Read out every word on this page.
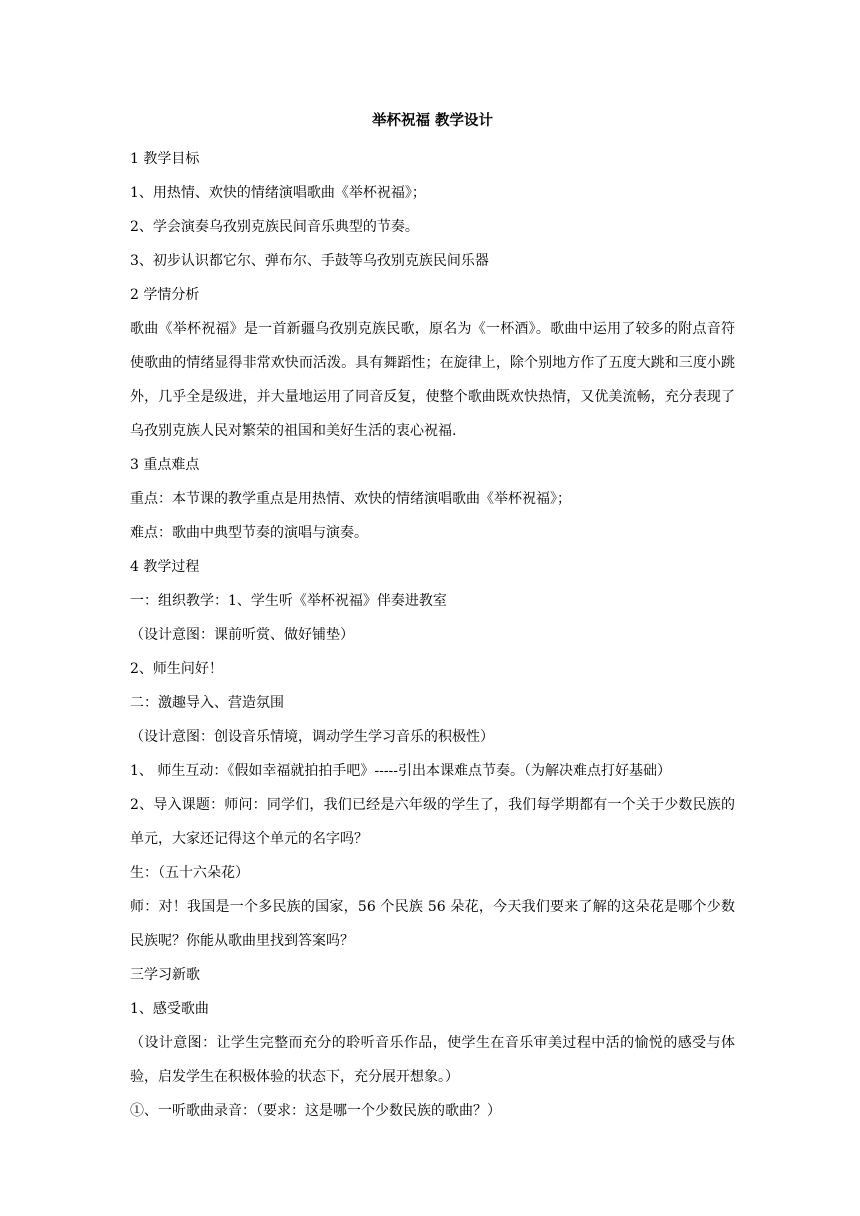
举杯祝福 教学设计
1 教学目标
1、用热情、欢快的情绪演唱歌曲《举杯祝福》；
2、学会演奏乌孜别克族民间音乐典型的节奏。
3、初步认识都它尔、弹布尔、手鼓等乌孜别克族民间乐器
2 学情分析
歌曲《举杯祝福》是一首新疆乌孜别克族民歌，原名为《一杯酒》。歌曲中运用了较多的附点音符使歌曲的情绪显得非常欢快而活泼。具有舞蹈性；在旋律上，除个别地方作了五度大跳和三度小跳外，几乎全是级进，并大量地运用了同音反复，使整个歌曲既欢快热情，又优美流畅，充分表现了乌孜别克族人民对繁荣的祖国和美好生活的衷心祝福.
3 重点难点
重点：本节课的教学重点是用热情、欢快的情绪演唱歌曲《举杯祝福》；
难点：歌曲中典型节奏的演唱与演奏。
4 教学过程
一：组织教学：1、学生听《举杯祝福》伴奏进教室
（设计意图：课前听赏、做好铺垫）
2、师生问好！
二：激趣导入、营造氛围
（设计意图：创设音乐情境，调动学生学习音乐的积极性）
1、 师生互动：《假如幸福就拍拍手吧》-----引出本课难点节奏。（为解决难点打好基础）
2、导入课题：师问：同学们，我们已经是六年级的学生了，我们每学期都有一个关于少数民族的单元，大家还记得这个单元的名字吗？
生：（五十六朵花）
师：对！我国是一个多民族的国家，56 个民族 56 朵花，今天我们要来了解的这朵花是哪个少数民族呢？你能从歌曲里找到答案吗？
三学习新歌
1、感受歌曲
（设计意图：让学生完整而充分的聆听音乐作品，使学生在音乐审美过程中活的愉悦的感受与体验，启发学生在积极体验的状态下，充分展开想象。）
①、一听歌曲录音：（要求：这是哪一个少数民族的歌曲？）
